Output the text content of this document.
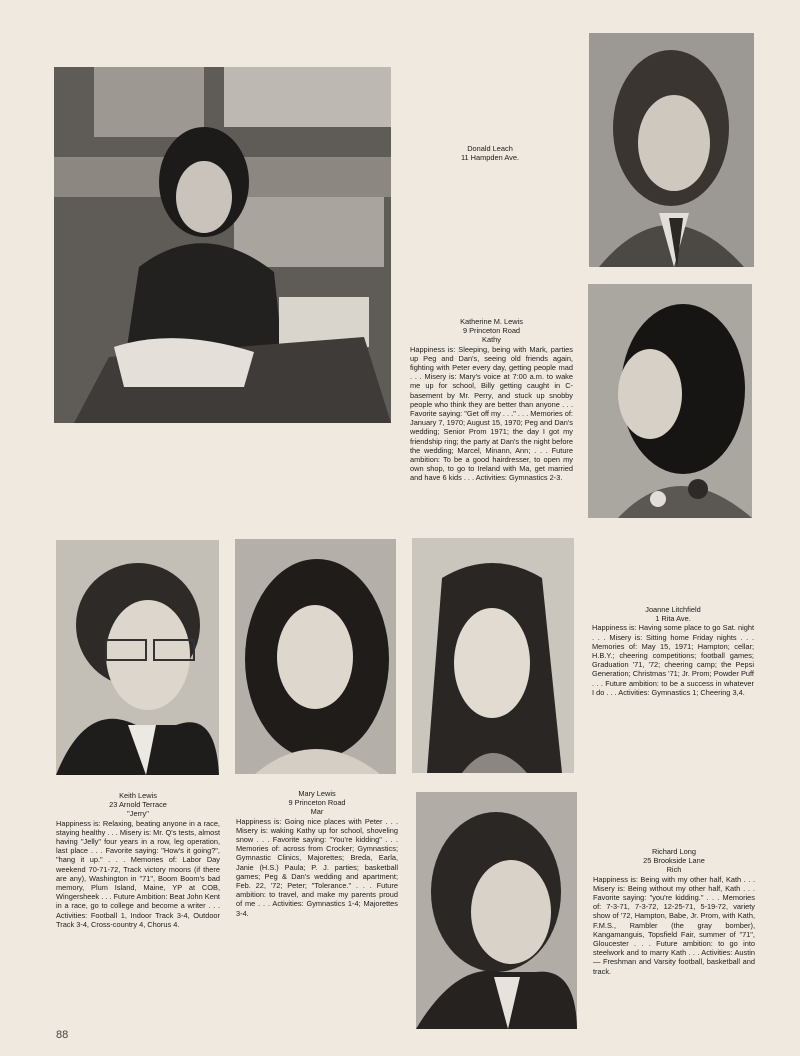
Donald Leach
11 Hampden Ave.
Katherine M. Lewis
9 Princeton Road
Kathy
Happiness is: Sleeping, being with Mark, parties up Peg and Dan's, seeing old friends again, fighting with Peter every day, getting people mad . . . Misery is: Mary's voice at 7:00 a.m. to wake me up for school, Billy getting caught in C-basement by Mr. Perry, and stuck up snobby people who think they are better than anyone . . . Favorite saying: "Get off my . . ." . . . Memories of: January 7, 1970; August 15, 1970; Peg and Dan's wedding; Senior Prom 1971; the day I got my friendship ring; the party at Dan's the night before the wedding; Marcel, Minann, Ann; . . . Future ambition: To be a good hairdresser, to open my own shop, to go to Ireland with Ma, get married and have 6 kids . . . Activities: Gymnastics 2-3.
Keith Lewis
23 Arnold Terrace
"Jerry"
Happiness is: Relaxing, beating anyone in a race, staying healthy . . . Misery is: Mr. Q's tests, almost having "Jelly" four years in a row, leg operation, last place . . . Favorite saying: "How's it going?", "hang it up." . . . Memories of: Labor Day weekend 70-71-72, Track victory moons (if there are any), Washington in "71", Boom Boom's bad memory, Plum Island, Maine, YP at COB, Wingersheek . . . Future Ambition: Beat John Kent in a race, go to college and become a writer . . . Activities: Football 1, Indoor Track 3-4, Outdoor Track 3-4, Cross-country 4, Chorus 4.
Mary Lewis
9 Princeton Road
Mar
Happiness is: Going nice places with Peter . . . Misery is: waking Kathy up for school, shoveling snow . . . Favorite saying: "You're kidding" . . . Memories of: across from Crocker; Gymnastics; Gymnastic Clinics, Majorettes; Breda, Earla, Janie (H.S.) Paula; P. J. parties; basketball games; Peg & Dan's wedding and apartment; Feb. 22, '72; Peter; "Tolerance." . . . Future ambition: to travel, and make my parents proud of me . . . Activities: Gymnastics 1-4; Majorettes 3-4.
Joanne Litchfield
1 Rita Ave.
Happiness is: Having some place to go Sat. night . . . Misery is: Sitting home Friday nights . . . Memories of: May 15, 1971; Hampton; cellar; H.B.Y.; cheering competitions; football games; Graduation '71, '72; cheering camp; the Pepsi Generation; Christmas '71; Jr. Prom; Powder Puff . . . Future ambition: to be a success in whatever I do . . . Activities: Gymnastics 1; Cheering 3,4.
Richard Long
25 Brookside Lane
Rich
Happiness is: Being with my other half, Kath . . . Misery is: Being without my other half, Kath . . . Favorite saying: "you're kidding." . . . Memories of: 7-3-71, 7-3-72, 12-25-71, 5-19-72, variety show of '72, Hampton, Babe, Jr. Prom, with Kath, F.M.S., Rambler (the gray bomber), Kangamanguis, Topsfield Fair, summer of "71", Gloucester . . . Future ambition: to go into steelwork and to marry Kath . . . Activities: Austin — Freshman and Varsity football, basketball and track.
88
